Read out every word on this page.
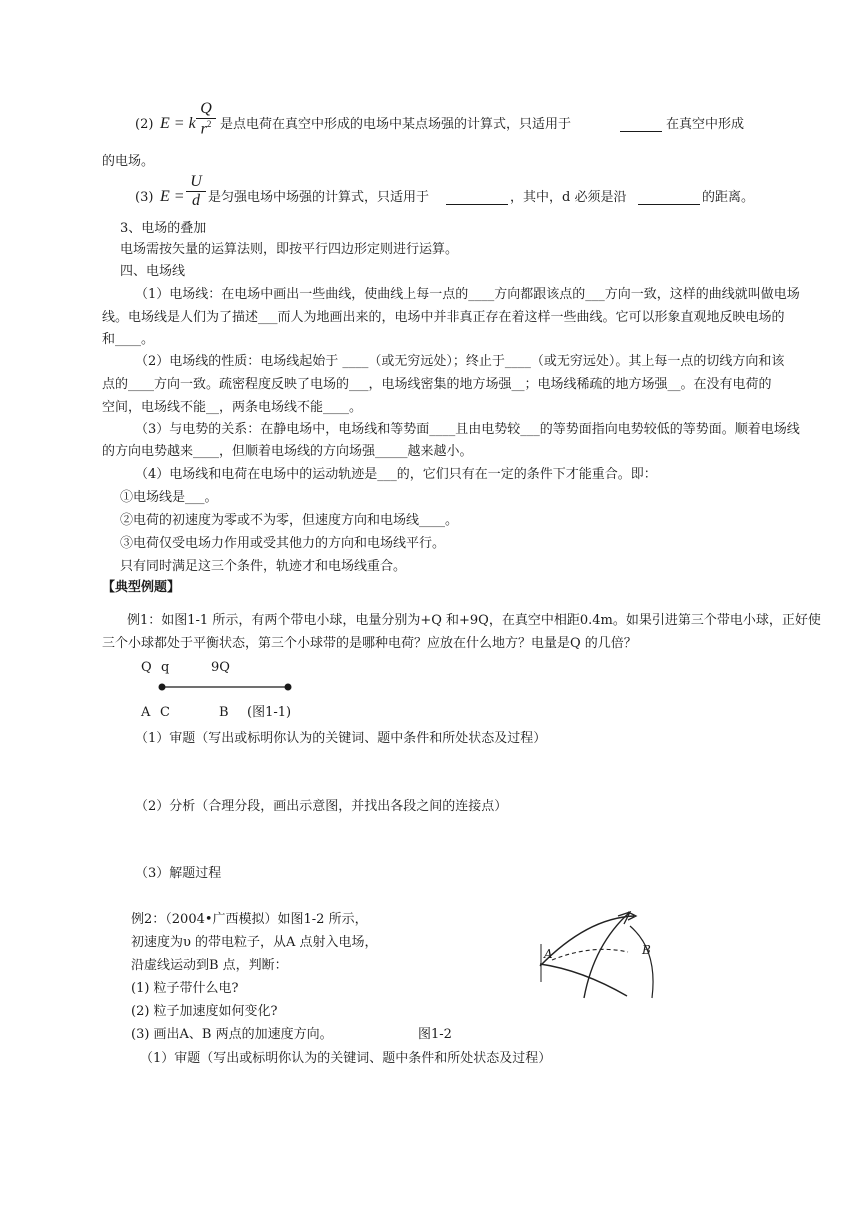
(2) E = k $\frac{Q}{r^2}$ 是点电荷在真空中形成的电场中某点场强的计算式，只适用于	在真空中形成
的电场。
(3) $E = \frac{U}{d}$ 是匀强电场中场强的计算式，只适用于	，其中，d 必须是沿	的距离。
3、电场的叠加
电场需按矢量的运算法则，即按平行四边形定则进行运算。
四、电场线
（1）电场线：在电场中画出一些曲线，使曲线上每一点的____方向都跟该点的___方向一致，这样的曲线就叫做电场
线。电场线是人们为了描述___而人为地画出来的，电场中并非真正存在着这样一些曲线。它可以形象直观地反映电场的
和____。
（2）电场线的性质：电场线起始于 ____（或无穷远处）；终止于____（或无穷远处）。其上每一点的切线方向和该
点的____方向一致。疏密程度反映了电场的___，电场线密集的地方场强__；电场线稀疏的地方场强__。在没有电荷的
空间，电场线不能__，两条电场线不能____。
（3）与电势的关系：在静电场中，电场线和等势面____且由电势较___的等势面指向电势较低的等势面。顺着电场线
的方向电势越来____，但顺着电场线的方向场强_____越来越小。
（4）电场线和电荷在电场中的运动轨迹是___的，它们只有在一定的条件下才能重合。即：
①电场线是___。
②电荷的初速度为零或不为零，但速度方向和电场线____。
③电荷仅受电场力作用或受其他力的方向和电场线平行。
只有同时满足这三个条件，轨迹才和电场线重合。
【典型例题】
例1：如图1-1 所示，有两个带电小球，电量分别为+Q 和+9Q，在真空中相距0.4m。如果引进第三个带电小球，正好使
三个小球都处于平衡状态，第三个小球带的是哪种电荷？应放在什么地方？电量是Q 的几倍？
Q q	9Q
A C	B (图1-1)
（1）审题（写出或标明你认为的关键词、题中条件和所处状态及过程）
（2）分析（合理分段，画出示意图，并找出各段之间的连接点）
（3）解题过程
例2：（2004•广西模拟）如图1-2 所示，
初速度为υ 的带电粒子，从A 点射入电场，
沿虚线运动到B 点，判断：
(1) 粒子带什么电?
(2) 粒子加速度如何变化?
(3) 画出A、B 两点的加速度方向。	图1-2
A	B
（1）审题（写出或标明你认为的关键词、题中条件和所处状态及过程）
